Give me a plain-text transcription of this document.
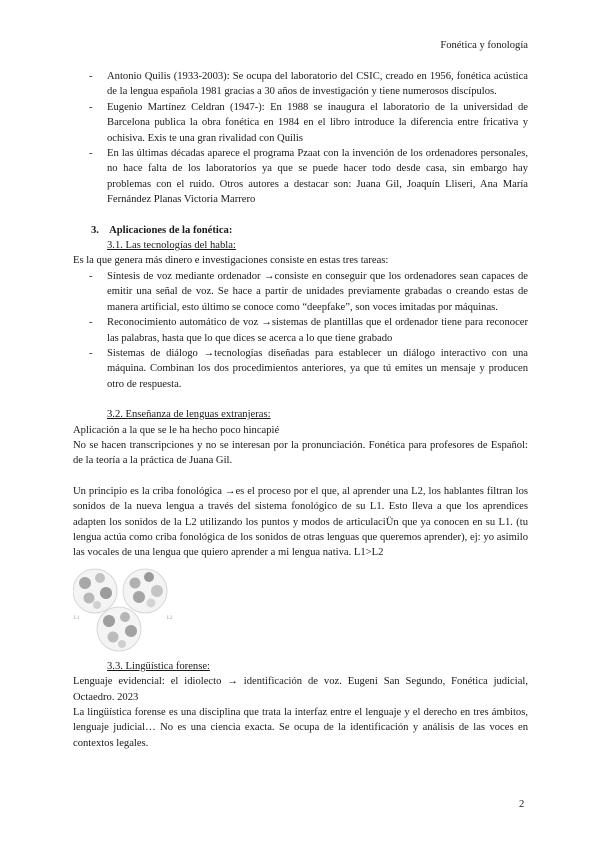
Fonética y fonología
- Antonio Quilis (1933-2003): Se ocupa del laboratorio del CSIC, creado en 1956, fonética acústica de la lengua española 1981 gracias a 30 años de investigación y tiene numerosos discípulos.
- Eugenio Martínez Celdran (1947-): En 1988 se inaugura el laboratorio de la universidad de Barcelona publica la obra fonética en 1984 en el libro introduce la diferencia entre fricativa y ochisiva. Exis te una gran rivalidad con Quilis
- En las últimas décadas aparece el programa Pzaat con la invención de los ordenadores personales, no hace falta de los laboratorios ya que se puede hacer todo desde casa, sin embargo hay problemas con el ruido. Otros autores a destacar son: Juana Gil, Joaquín Lliseri, Ana María Fernández Planas Victoria Marrero
3. Aplicaciones de la fonética:
3.1. Las tecnologías del habla:

Es la que genera más dinero e investigaciones consiste en estas tres tareas:

- Síntesis de voz mediante ordenador →consiste en conseguir que los ordenadores sean capaces de emitir una señal de voz. Se hace a partir de unidades previamente grabadas o creando estas de manera artificial, esto último se conoce como “deepfake”, son voces imitadas por máquinas.
- Reconocimiento automático de voz →sistemas de plantillas que el ordenador tiene para reconocer las palabras, hasta que lo que dices se acerca a lo que tiene grabado
- Sistemas de diálogo →tecnologías diseñadas para establecer un diálogo interactivo con una máquina. Combinan los dos procedimientos anteriores, ya que tú emites un mensaje y producen otro de respuesta.
3.2. Enseñanza de lenguas extranjeras:

Aplicación a la que se le ha hecho poco hincapié

No se hacen transcripciones y no se interesan por la pronunciación. Fonética para profesores de Español: de la teoría a la práctica de Juana Gil.

Un principio es la criba fonológica →es el proceso por el que, al aprender una L2, los hablantes filtran los sonidos de la nueva lengua a través del sistema fonológico de su L1. Esto lleva a que los aprendices adapten los sonidos de la L2 utilizando los puntos y modos de articulaciÜn que ya conocen en su L1. (tu lengua actúa como criba fonológica de los sonidos de otras lenguas que queremos aprender), ej: yo asimilo las vocales de una lengua que quiero aprender a mi lengua nativa. L1>L2

L1	L2
3.3. Lingüística forense:

Lenguaje evidencial: el idiolecto → identificación de voz. Eugeni San Segundo, Fonética judicial, Octaedro. 2023

La lingüística forense es una disciplina que trata la interfaz entre el lenguaje y el derecho en tres ámbitos, lenguaje judicial… No es una ciencia exacta. Se ocupa de la identificación y análisis de las voces en contextos legales.

2
